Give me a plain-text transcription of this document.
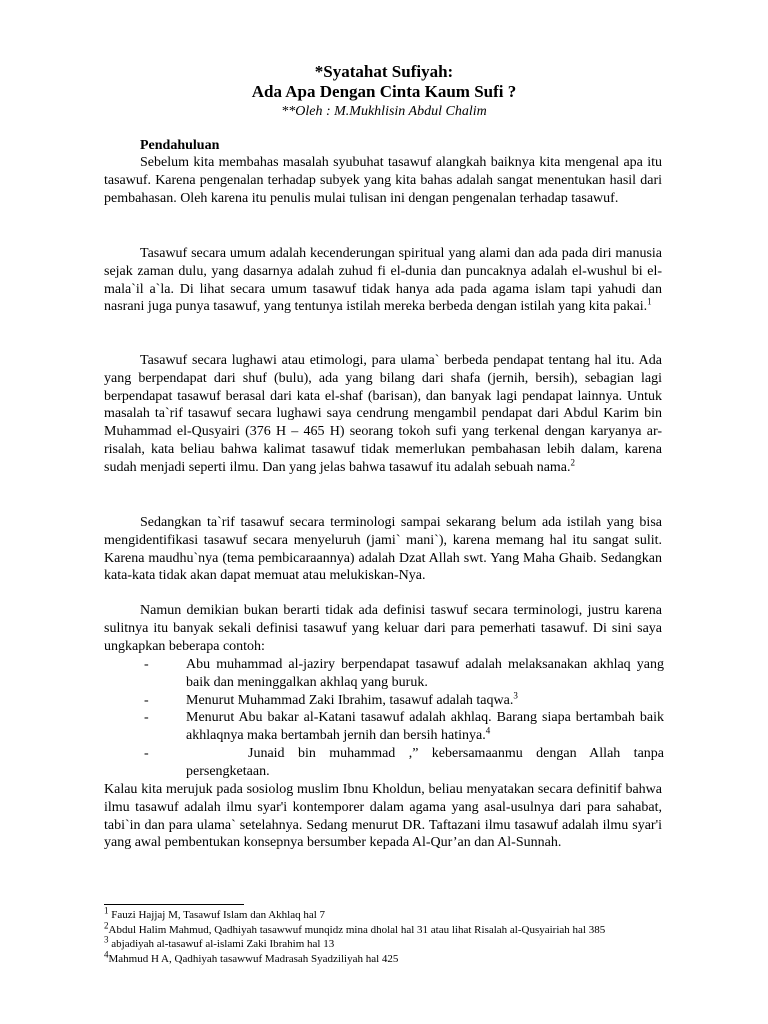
*Syatahat Sufiyah:
Ada Apa Dengan Cinta Kaum Sufi ?
**Oleh : M.Mukhlisin Abdul Chalim
Pendahuluan
Sebelum kita membahas masalah syubuhat tasawuf alangkah baiknya kita mengenal apa itu tasawuf. Karena pengenalan terhadap subyek yang kita bahas adalah sangat menentukan hasil dari pembahasan. Oleh karena itu penulis mulai tulisan ini dengan pengenalan terhadap tasawuf.
Tasawuf secara umum adalah kecenderungan spiritual yang alami dan ada pada diri manusia sejak zaman dulu, yang dasarnya adalah zuhud fi el-dunia dan puncaknya adalah el-wushul bi el-mala`il a`la. Di lihat secara umum tasawuf tidak hanya ada pada agama islam tapi yahudi dan nasrani juga punya tasawuf, yang tentunya istilah mereka berbeda dengan istilah yang kita pakai.$^1$
Tasawuf secara lughawi atau etimologi, para ulama` berbeda pendapat tentang hal itu. Ada yang berpendapat dari shuf (bulu), ada yang bilang dari shafa (jernih, bersih), sebagian lagi berpendapat tasawuf berasal dari kata el-shaf (barisan), dan banyak lagi pendapat lainnya. Untuk masalah ta`rif tasawuf secara lughawi saya cendrung mengambil pendapat dari Abdul Karim bin Muhammad el-Qusyairi (376 H – 465 H) seorang tokoh sufi yang terkenal dengan karyanya ar-risalah, kata beliau bahwa kalimat tasawuf tidak memerlukan pembahasan lebih dalam, karena sudah menjadi seperti ilmu. Dan yang jelas bahwa tasawuf itu adalah sebuah nama.$^2$
Sedangkan ta`rif tasawuf secara terminologi sampai sekarang belum ada istilah yang bisa mengidentifikasi tasawuf secara menyeluruh (jami` mani`), karena memang hal itu sangat sulit. Karena maudhu`nya (tema pembicaraannya) adalah Dzat Allah swt. Yang Maha Ghaib. Sedangkan kata-kata tidak akan dapat memuat atau melukiskan-Nya.
Namun demikian bukan berarti tidak ada definisi taswuf secara terminologi, justru karena sulitnya itu banyak sekali definisi tasawuf yang keluar dari para pemerhati tasawuf. Di sini saya ungkapkan beberapa contoh:
-	Abu muhammad al-jaziry berpendapat tasawuf adalah melaksanakan akhlaq yang baik dan meninggalkan akhlaq yang buruk.
-	Menurut Muhammad Zaki Ibrahim, tasawuf adalah taqwa.$^3$
-	Menurut Abu bakar al-Katani tasawuf adalah akhlaq. Barang siapa bertambah baik akhlaqnya maka bertambah jernih dan bersih hatinya.$^4$
-	Junaid bin muhammad ,” kebersamaanmu dengan Allah tanpa persengketaan.
Kalau kita merujuk pada sosiolog muslim Ibnu Kholdun, beliau menyatakan secara definitif bahwa ilmu tasawuf adalah ilmu syar'i kontemporer dalam agama yang asal-usulnya dari para sahabat, tabi`in dan para ulama` setelahnya. Sedang menurut DR. Taftazani ilmu tasawuf adalah ilmu syar'i yang awal pembentukan konsepnya bersumber kepada Al-Qur’an dan Al-Sunnah.

$^1$ Fauzi Hajjaj M, Tasawuf Islam dan Akhlaq hal 7

$^2$Abdul Halim Mahmud, Qadhiyah tasawwuf munqidz mina dholal hal 31 atau lihat Risalah al-Qusyairiah hal 385

$^3$ abjadiyah al-tasawuf al-islami Zaki Ibrahim hal 13

$^4$Mahmud H A, Qadhiyah tasawwuf Madrasah Syadziliyah hal 425
